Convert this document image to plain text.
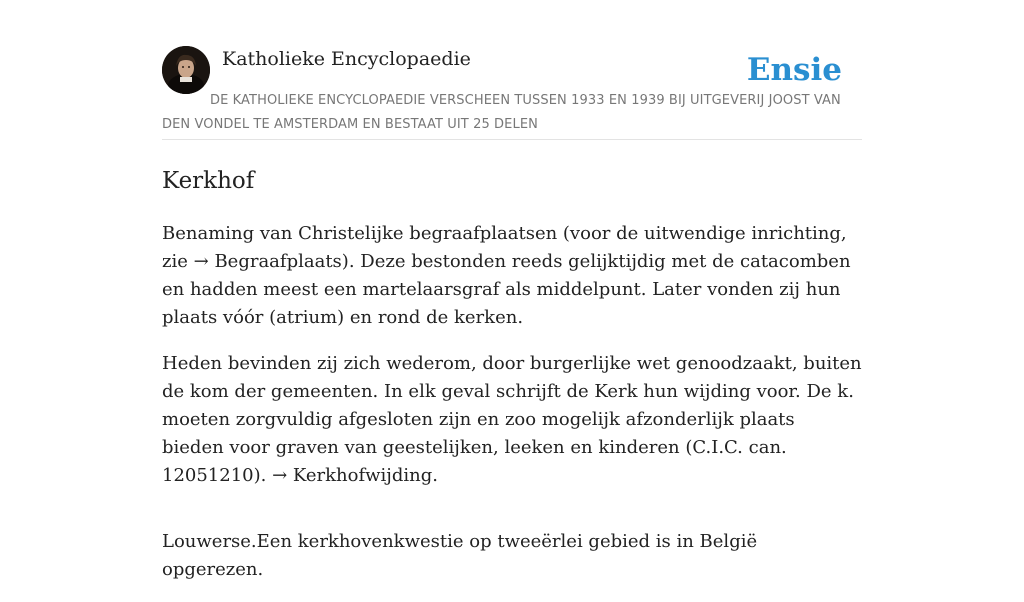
Katholieke Encyclopaedie	Ensie
DE KATHOLIEKE ENCYCLOPAEDIE VERSCHEEN TUSSEN 1933 EN 1939 BIJ UITGEVERIJ JOOST VAN DEN VONDEL TE AMSTERDAM EN BESTAAT UIT 25 DELEN
Kerkhof

Benaming van Christelijke begraafplaatsen (voor de uitwendige inrichting, zie → Begraafplaats). Deze bestonden reeds gelijktijdig met de catacomben en hadden meest een martelaarsgraf als middelpunt. Later vonden zij hun plaats vóór (atrium) en rond de kerken.

Heden bevinden zij zich wederom, door burgerlijke wet genoodzaakt, buiten de kom der gemeenten. In elk geval schrijft de Kerk hun wijding voor. De k. moeten zorgvuldig afgesloten zijn en zoo mogelijk afzonderlijk plaats bieden voor graven van geestelijken, leeken en kinderen (C.I.C. can. 12051210). → Kerkhofwijding.

Louwerse.Een kerkhovenkwestie op tweeërlei gebied is in België opgerezen.
